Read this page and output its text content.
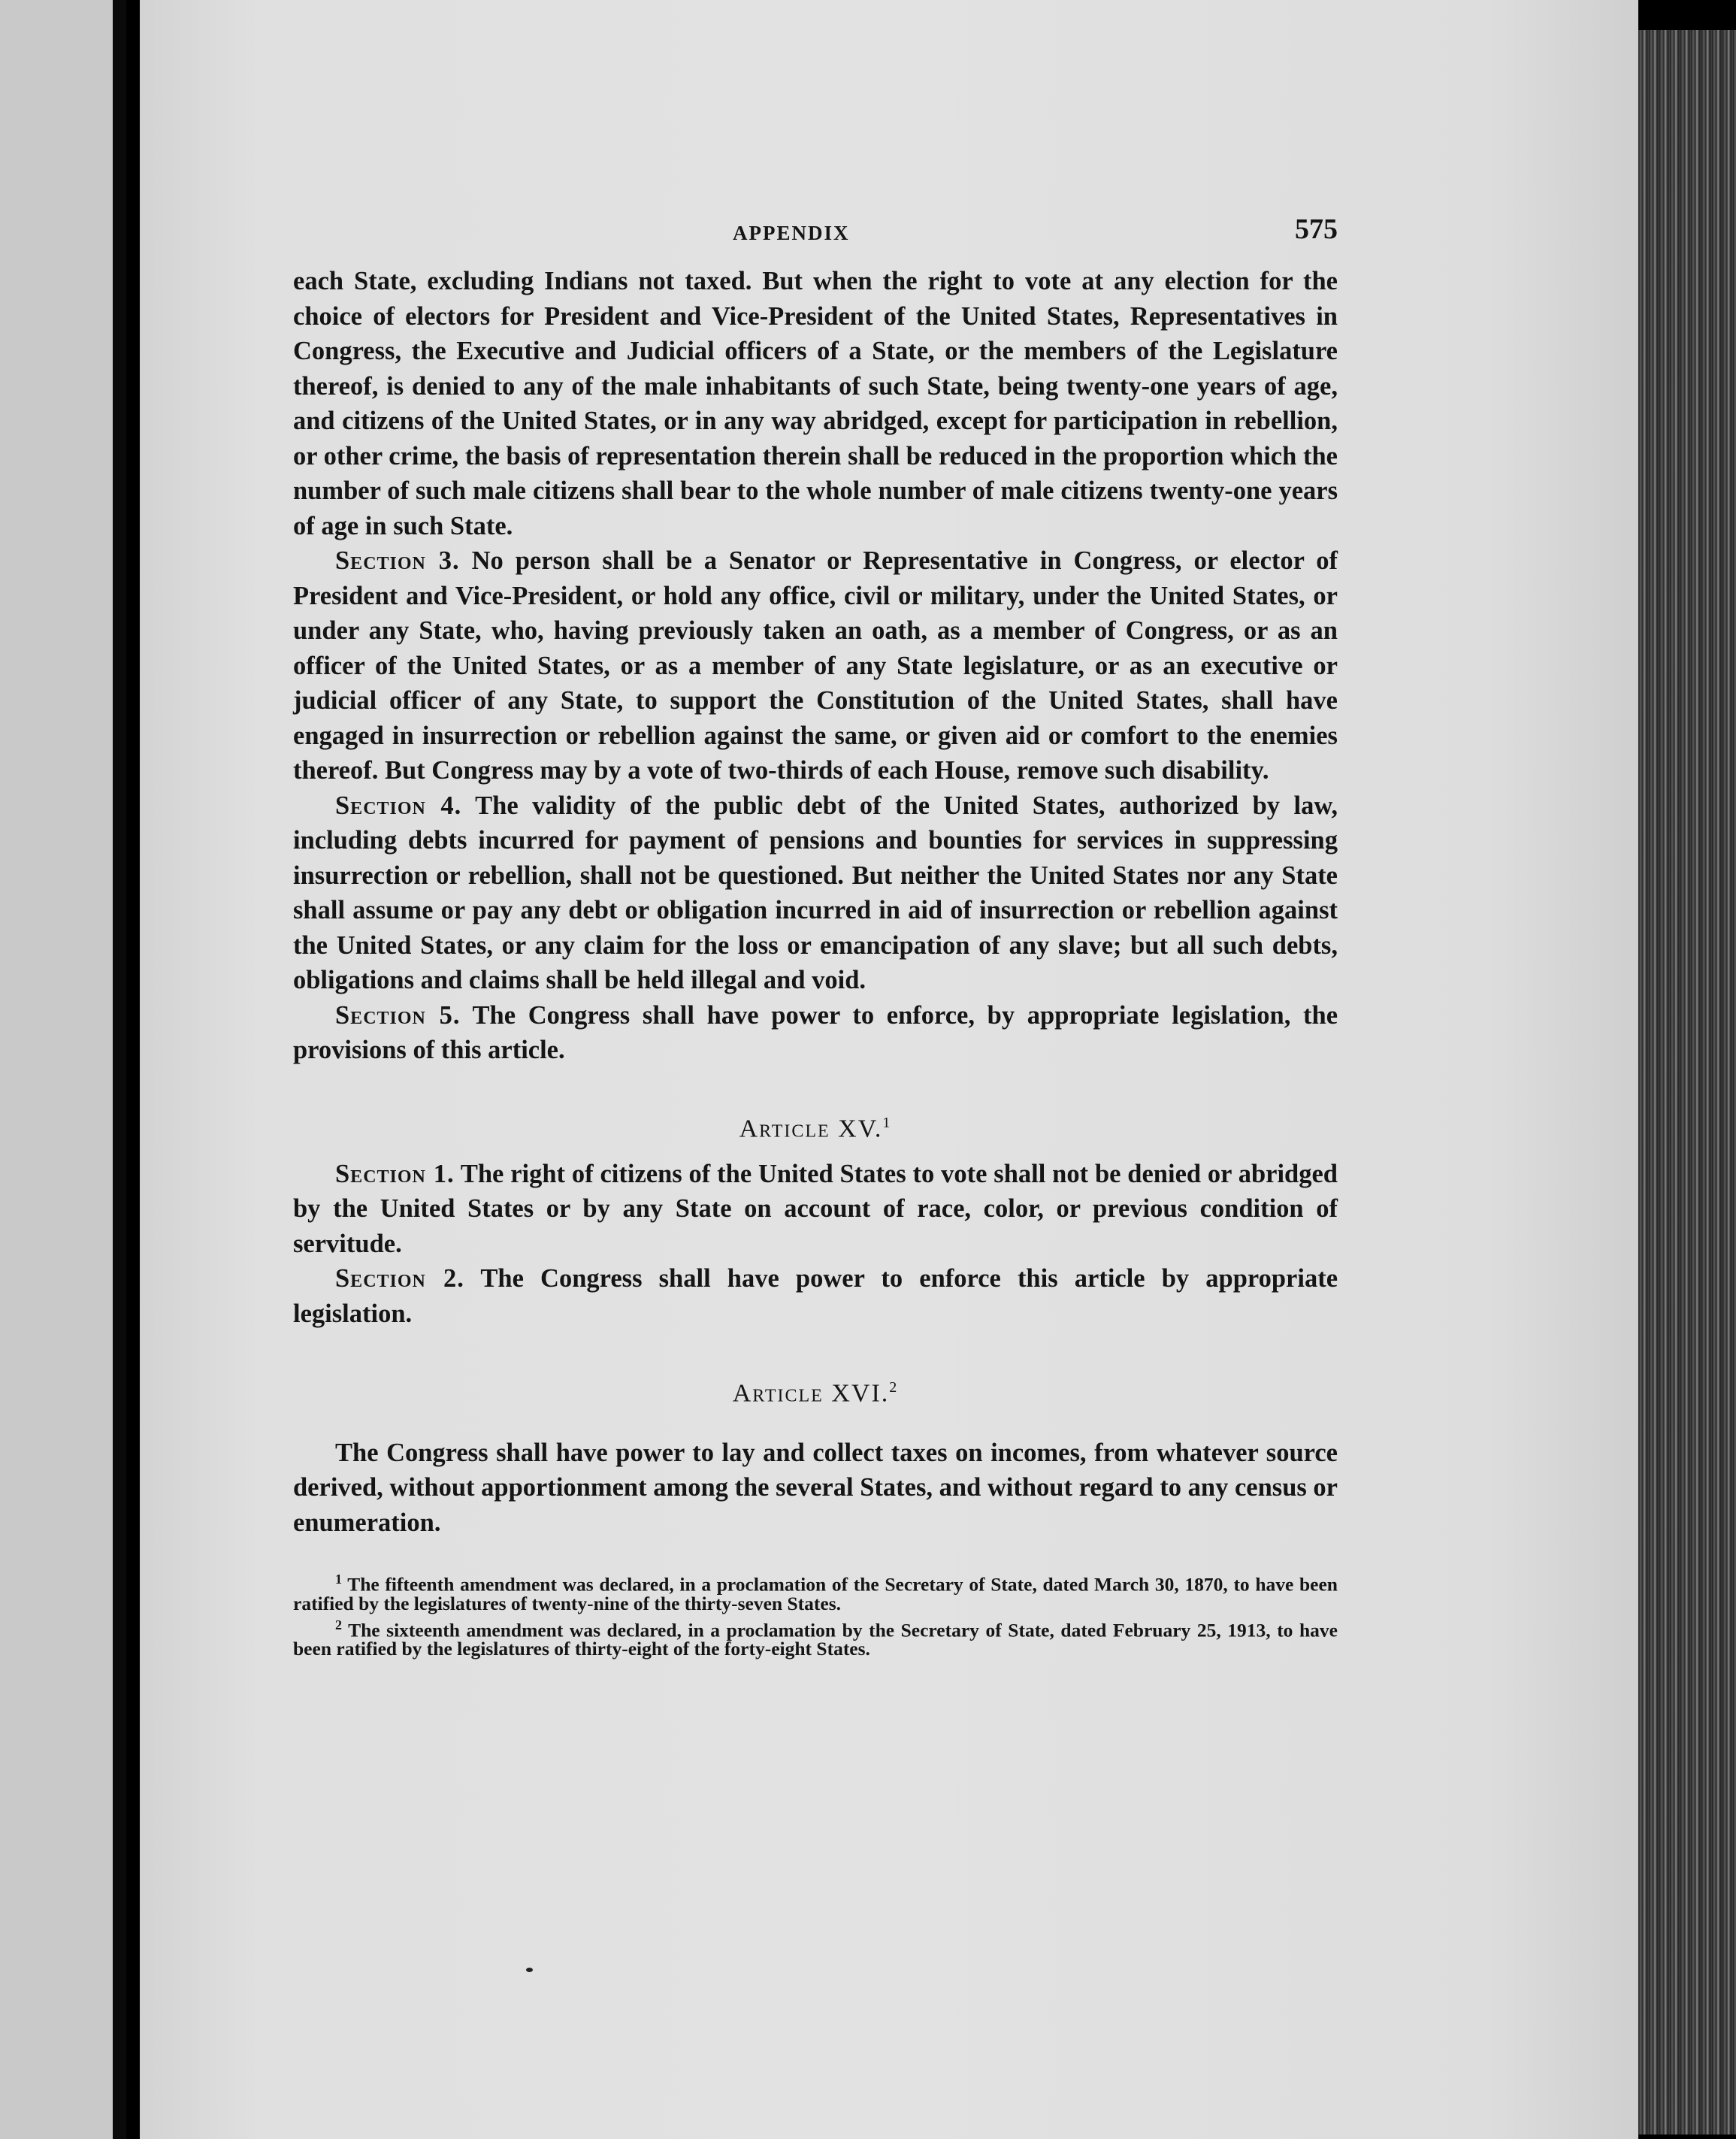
APPENDIX	575

each State, excluding Indians not taxed. But when the right to vote at any election for the choice of electors for President and Vice-President of the United States, Representatives in Congress, the Executive and Judicial officers of a State, or the members of the Legislature thereof, is denied to any of the male inhabitants of such State, being twenty-one years of age, and citizens of the United States, or in any way abridged, except for participation in rebellion, or other crime, the basis of representation therein shall be reduced in the proportion which the number of such male citizens shall bear to the whole number of male citizens twenty-one years of age in such State.

Section 3. No person shall be a Senator or Representative in Congress, or elector of President and Vice-President, or hold any office, civil or military, under the United States, or under any State, who, having previously taken an oath, as a member of Congress, or as an officer of the United States, or as a member of any State legislature, or as an executive or judicial officer of any State, to support the Constitution of the United States, shall have engaged in insurrection or rebellion against the same, or given aid or comfort to the enemies thereof. But Congress may by a vote of two-thirds of each House, remove such disability.

Section 4. The validity of the public debt of the United States, authorized by law, including debts incurred for payment of pensions and bounties for services in suppressing insurrection or rebellion, shall not be questioned. But neither the United States nor any State shall assume or pay any debt or obligation incurred in aid of insurrection or rebellion against the United States, or any claim for the loss or emancipation of any slave; but all such debts, obligations and claims shall be held illegal and void.

Section 5. The Congress shall have power to enforce, by appropriate legislation, the provisions of this article.

Article XV.$^1$

Section 1. The right of citizens of the United States to vote shall not be denied or abridged by the United States or by any State on account of race, color, or previous condition of servitude.

Section 2. The Congress shall have power to enforce this article by appropriate legislation.

Article XVI.$^2$

The Congress shall have power to lay and collect taxes on incomes, from whatever source derived, without apportionment among the several States, and without regard to any census or enumeration.

$^1$ The fifteenth amendment was declared, in a proclamation of the Secretary of State, dated March 30, 1870, to have been ratified by the legislatures of twenty-nine of the thirty-seven States.

$^2$ The sixteenth amendment was declared, in a proclamation by the Secretary of State, dated February 25, 1913, to have been ratified by the legislatures of thirty-eight of the forty-eight States.
